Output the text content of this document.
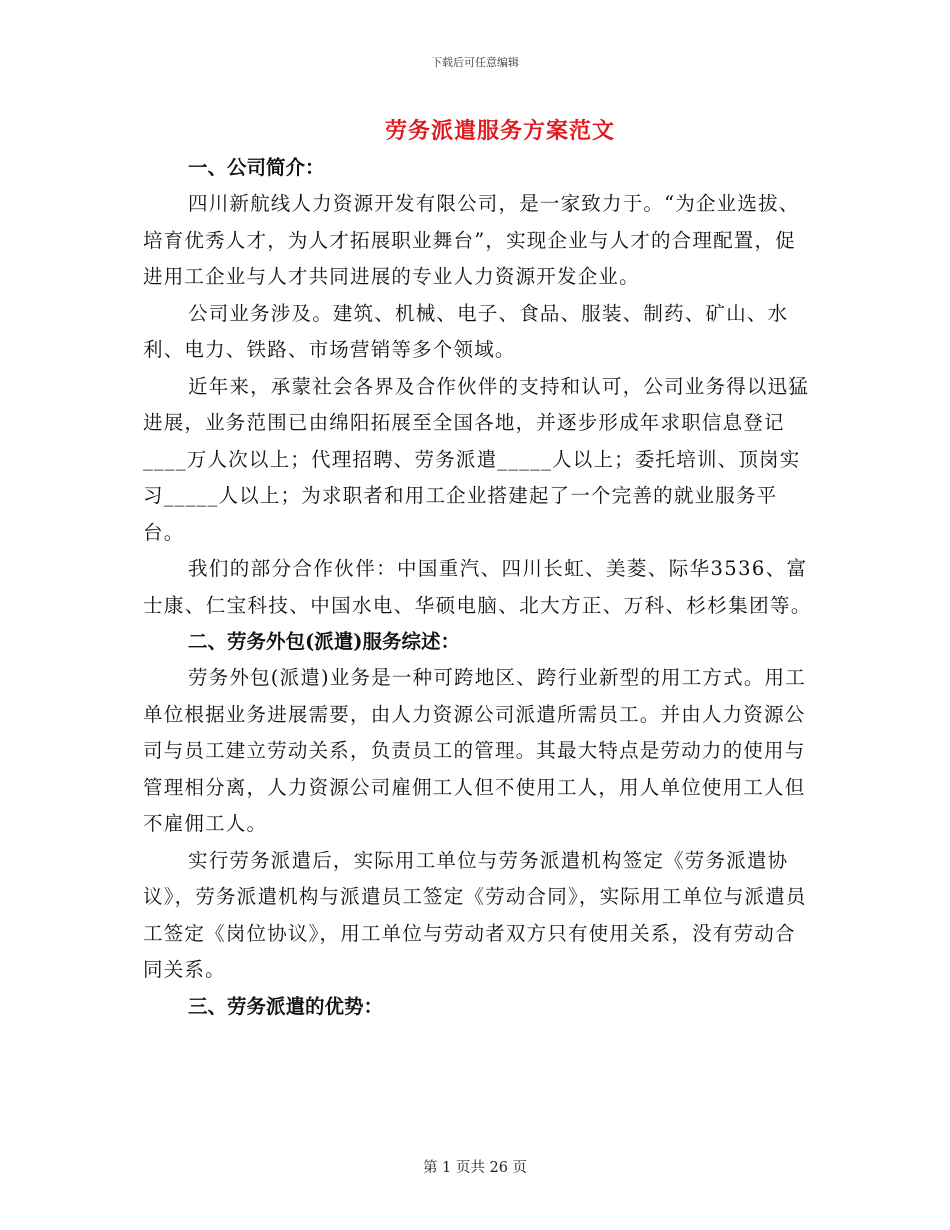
下载后可任意编辑
劳务派遣服务方案范文
一、公司简介：

四川新航线人力资源开发有限公司，是一家致力于。“为企业选拔、培育优秀人才，为人才拓展职业舞台”，实现企业与人才的合理配置，促进用工企业与人才共同进展的专业人力资源开发企业。

公司业务涉及。建筑、机械、电子、食品、服装、制药、矿山、水利、电力、铁路、市场营销等多个领域。

近年来，承蒙社会各界及合作伙伴的支持和认可，公司业务得以迅猛进展，业务范围已由绵阳拓展至全国各地，并逐步形成年求职信息登记____万人次以上；代理招聘、劳务派遣_____人以上；委托培训、顶岗实习_____人以上；为求职者和用工企业搭建起了一个完善的就业服务平台。

我们的部分合作伙伴：中国重汽、四川长虹、美菱、际华3536、富士康、仁宝科技、中国水电、华硕电脑、北大方正、万科、杉杉集团等。

二、劳务外包(派遣)服务综述：

劳务外包(派遣)业务是一种可跨地区、跨行业新型的用工方式。用工单位根据业务进展需要，由人力资源公司派遣所需员工。并由人力资源公司与员工建立劳动关系，负责员工的管理。其最大特点是劳动力的使用与管理相分离，人力资源公司雇佣工人但不使用工人，用人单位使用工人但不雇佣工人。

实行劳务派遣后，实际用工单位与劳务派遣机构签定《劳务派遣协议》，劳务派遣机构与派遣员工签定《劳动合同》，实际用工单位与派遣员工签定《岗位协议》，用工单位与劳动者双方只有使用关系，没有劳动合同关系。

三、劳务派遣的优势：
第 1 页共 26 页
